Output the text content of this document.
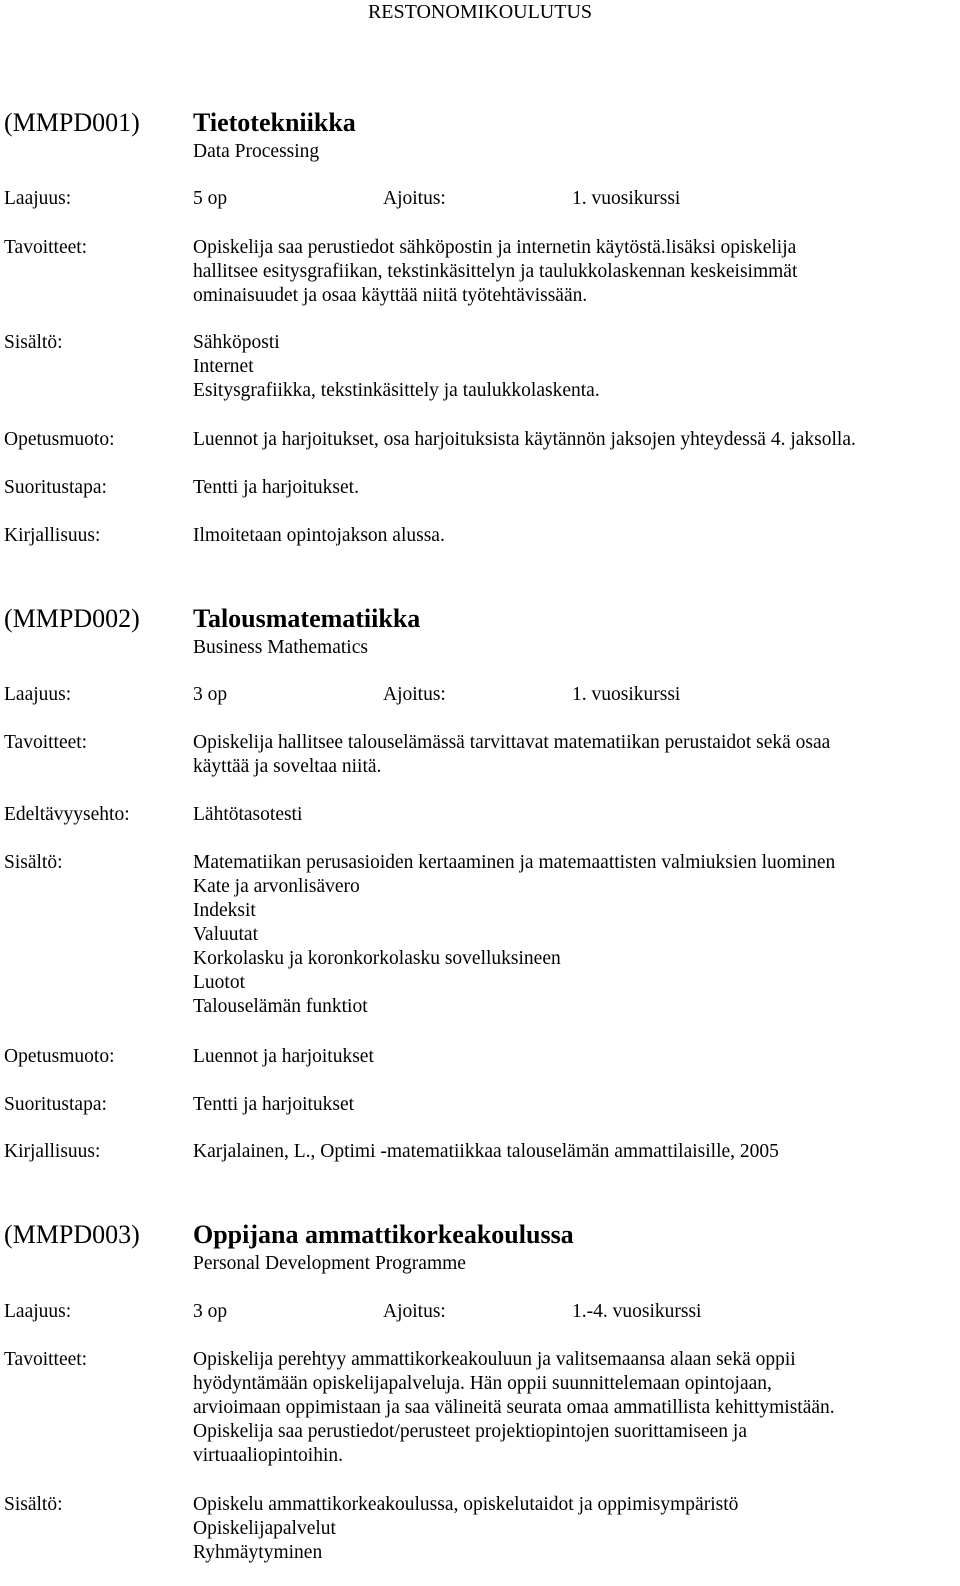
RESTONOMIKOULUTUS
(MMPD001) Tietotekniikka
Data Processing
Laajuus:	5 op	Ajoitus:	1. vuosikurssi
Tavoitteet:	Opiskelija saa perustiedot sähköpostin ja internetin käytöstä.lisäksi opiskelija
hallitsee esitysgrafiikan, tekstinkäsittelyn ja taulukkolaskennan keskeisimmät
ominaisuudet ja osaa käyttää niitä työtehtävissään.
Sisältö:	Sähköposti
Internet
Esitysgrafiikka, tekstinkäsittely ja taulukkolaskenta.
Opetusmuoto:	Luennot ja harjoitukset, osa harjoituksista käytännön jaksojen yhteydessä 4. jaksolla.
Suoritustapa:	Tentti ja harjoitukset.
Kirjallisuus:	Ilmoitetaan opintojakson alussa.
(MMPD002) Talousmatematiikka
Business Mathematics
Laajuus:	3 op	Ajoitus:	1. vuosikurssi
Tavoitteet:	Opiskelija hallitsee talouselämässä tarvittavat matematiikan perustaidot sekä osaa
käyttää ja soveltaa niitä.
Edeltävyysehto:	Lähtötasotesti
Sisältö:	Matematiikan perusasioiden kertaaminen ja matemaattisten valmiuksien luominen
Kate ja arvonlisävero
Indeksit
Valuutat
Korkolasku ja koronkorkolasku sovelluksineen
Luotot
Talouselämän funktiot
Opetusmuoto:	Luennot ja harjoitukset
Suoritustapa:	Tentti ja harjoitukset
Kirjallisuus:	Karjalainen, L., Optimi -matematiikkaa talouselämän ammattilaisille, 2005
(MMPD003) Oppijana ammattikorkeakoulussa
Personal Development Programme
Laajuus:	3 op	Ajoitus:	1.-4. vuosikurssi
Tavoitteet:	Opiskelija perehtyy ammattikorkeakouluun ja valitsemaansa alaan sekä oppii
hyödyntämään opiskelijapalveluja. Hän oppii suunnittelemaan opintojaan,
arvioimaan oppimistaan ja saa välineitä seurata omaa ammatillista kehittymistään.
Opiskelija saa perustiedot/perusteet projektiopintojen suorittamiseen ja
virtuaaliopintoihin.
Sisältö:	Opiskelu ammattikorkeakoulussa, opiskelutaidot ja oppimisympäristö
Opiskelijapalvelut
Ryhmäytyminen
